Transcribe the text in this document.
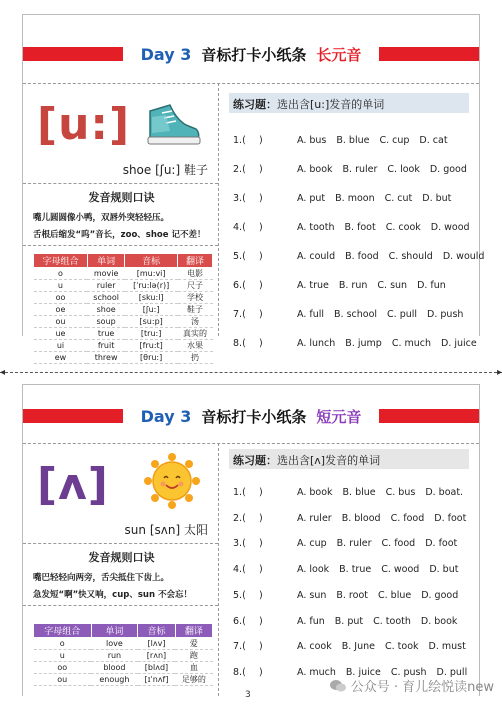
Day 3 音标打卡小纸条 长元音
[u:]
shoe [ʃu:] 鞋子
发音规则口诀
嘴儿圆圆像小鸭，双唇外突轻轻压。
舌根后缩发“呜”音长，zoo、shoe 记不差！
字母组合	单词	音标	翻译
o	movie	[mu:vi]	电影
u	ruler	[ˈru:lə(r)]	尺子
oo	school	[sku:l]	学校
oe	shoe	[ʃu:]	鞋子
ou	soup	[su:p]	汤
ue	true	[tru:]	真实的
ui	fruit	[fru:t]	水果
ew	threw	[θru:]	扔
练习题：选出含[u:]发音的单词
1.( )	A. bus B. blue C. cup D. cat
2.( )	A. book B. ruler C. look D. good
3.( )	A. put B. moon C. cut D. but
4.( )	A. tooth B. foot C. cook D. wood
5.( )	A. could B. food C. should D. would
6.( )	A. true B. run C. sun D. fun
7.( )	A. full B. school C. pull D. push
8.( )	A. lunch B. jump C. much D. juice
◂	▸
Day 3 音标打卡小纸条 短元音
[ʌ]
sun [sʌn] 太阳
发音规则口诀
嘴巴轻轻向两旁，舌尖抵住下齿上。
急发短“啊”快又响，cup、sun 不会忘！
字母组合	单词	音标	翻译
o	love	[lʌv]	爱
u	run	[rʌn]	跑
oo	blood	[blʌd]	血
ou	enough	[ɪˈnʌf]	足够的
练习题：选出含[ʌ]发音的单词
1.( )	A. book B. blue C. bus D. boat.
2.( )	A. ruler B. blood C. food D. foot
3.( )	A. cup B. ruler C. food D. foot
4.( )	A. look B. true C. wood D. but
5.( )	A. sun B. root C. blue D. good
6.( )	A. fun B. put C. tooth D. book
7.( )	A. cook B. June C. took D. must
8.( )	A. much B. juice C. push D. pull
3	公众号 · 育儿绘悦读new
